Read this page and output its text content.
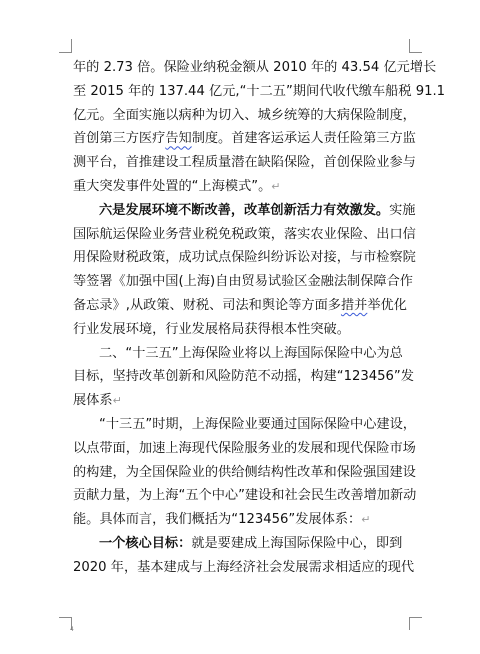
年的 2.73 倍。保险业纳税金额从 2010 年的 43.54 亿元增长
至 2015 年的 137.44 亿元,“十二五”期间代收代缴车船税 91.1
亿元。全面实施以病种为切入、城乡统筹的大病保险制度，
首创第三方医疗告知制度。首建客运承运人责任险第三方监
测平台，首推建设工程质量潜在缺陷保险，首创保险业参与
重大突发事件处置的“上海模式”。↵
六是发展环境不断改善，改革创新活力有效激发。实施
国际航运保险业务营业税免税政策，落实农业保险、出口信
用保险财税政策，成功试点保险纠纷诉讼对接，与市检察院
等签署《加强中国(上海)自由贸易试验区金融法制保障合作
备忘录》,从政策、财税、司法和舆论等方面多措并举优化
行业发展环境，行业发展格局获得根本性突破。
二、“十三五”上海保险业将以上海国际保险中心为总
目标，坚持改革创新和风险防范不动摇，构建“123456”发
展体系↵
“十三五”时期，上海保险业要通过国际保险中心建设，
以点带面，加速上海现代保险服务业的发展和现代保险市场
的构建，为全国保险业的供给侧结构性改革和保险强国建设
贡献力量，为上海“五个中心”建设和社会民生改善增加新动
能。具体而言，我们概括为“123456”发展体系：↵
一个核心目标：就是要建成上海国际保险中心，即到
2020 年，基本建成与上海经济社会发展需求相适应的现代
4
